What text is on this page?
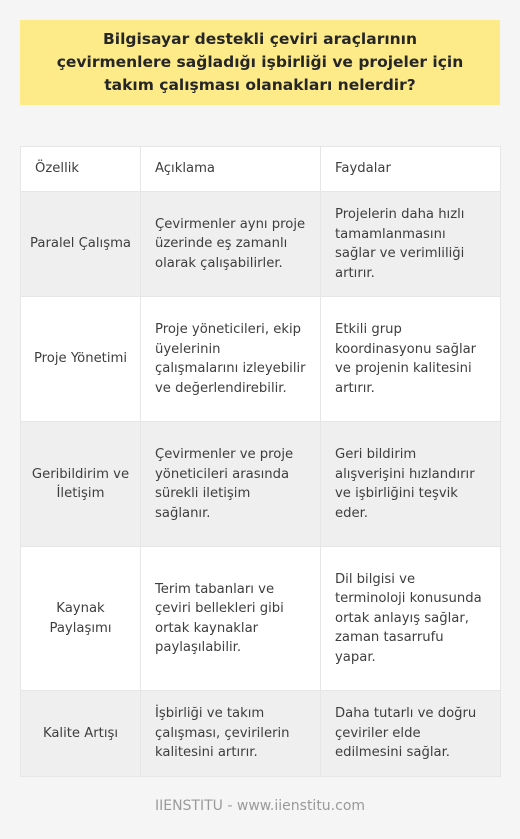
Bilgisayar destekli çeviri araçlarının çevirmenlere sağladığı işbirliği ve projeler için takım çalışması olanakları nelerdir?
Özellik	Açıklama	Faydalar
Paralel Çalışma	Çevirmenler aynı proje üzerinde eş zamanlı olarak çalışabilirler.	Projelerin daha hızlı tamamlanmasını sağlar ve verimliliği artırır.
Proje Yönetimi	Proje yöneticileri, ekip üyelerinin çalışmalarını izleyebilir ve değerlendirebilir.	Etkili grup koordinasyonu sağlar ve projenin kalitesini artırır.
Geribildirim ve İletişim	Çevirmenler ve proje yöneticileri arasında sürekli iletişim sağlanır.	Geri bildirim alışverişini hızlandırır ve işbirliğini teşvik eder.
Kaynak Paylaşımı	Terim tabanları ve çeviri bellekleri gibi ortak kaynaklar paylaşılabilir.	Dil bilgisi ve terminoloji konusunda ortak anlayış sağlar, zaman tasarrufu yapar.
Kalite Artışı	İşbirliği ve takım çalışması, çevirilerin kalitesini artırır.	Daha tutarlı ve doğru çeviriler elde edilmesini sağlar.
IIENSTITU - www.iienstitu.com
